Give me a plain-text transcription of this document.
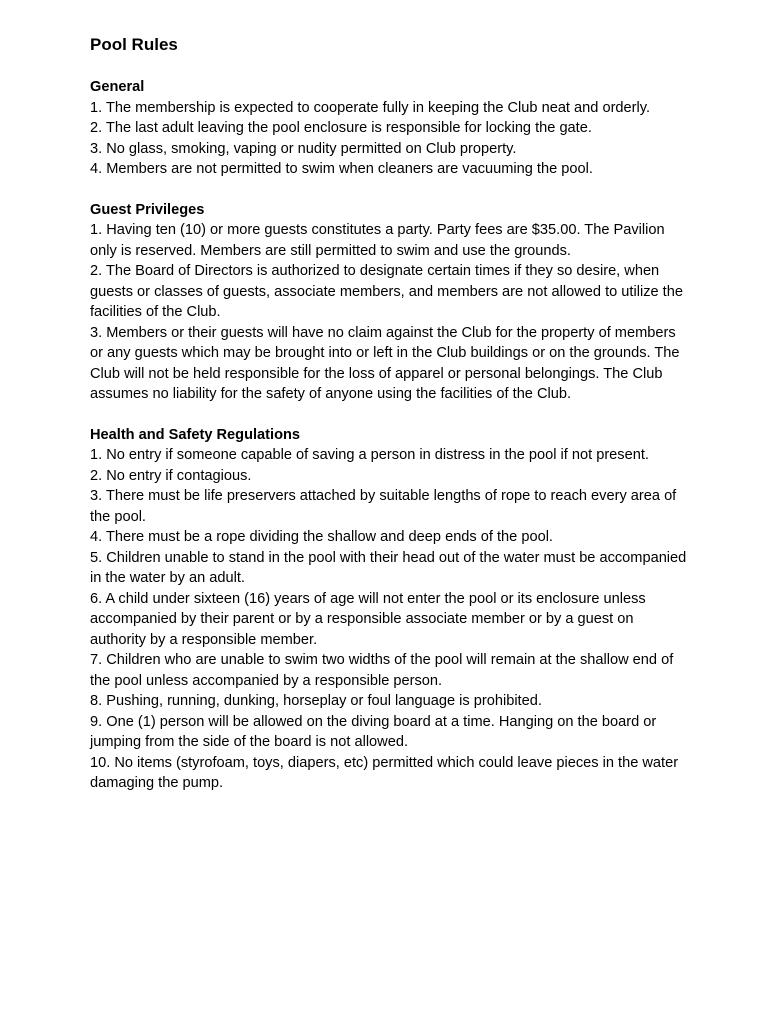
Pool Rules
General
1. The membership is expected to cooperate fully in keeping the Club neat and orderly.
2. The last adult leaving the pool enclosure is responsible for locking the gate.
3. No glass, smoking, vaping or nudity permitted on Club property.
4. Members are not permitted to swim when cleaners are vacuuming the pool.
Guest Privileges
1. Having ten (10) or more guests constitutes a party. Party fees are $35.00. The Pavilion only is reserved. Members are still permitted to swim and use the grounds.
2. The Board of Directors is authorized to designate certain times if they so desire, when guests or classes of guests, associate members, and members are not allowed to utilize the facilities of the Club.
3. Members or their guests will have no claim against the Club for the property of members or any guests which may be brought into or left in the Club buildings or on the grounds. The Club will not be held responsible for the loss of apparel or personal belongings. The Club assumes no liability for the safety of anyone using the facilities of the Club.
Health and Safety Regulations
1. No entry if someone capable of saving a person in distress in the pool if not present.
2. No entry if contagious.
3. There must be life preservers attached by suitable lengths of rope to reach every area of the pool.
4. There must be a rope dividing the shallow and deep ends of the pool.
5. Children unable to stand in the pool with their head out of the water must be accompanied in the water by an adult.
6. A child under sixteen (16) years of age will not enter the pool or its enclosure unless accompanied by their parent or by a responsible associate member or by a guest on authority by a responsible member.
7. Children who are unable to swim two widths of the pool will remain at the shallow end of the pool unless accompanied by a responsible person.
8. Pushing, running, dunking, horseplay or foul language is prohibited.
9. One (1) person will be allowed on the diving board at a time. Hanging on the board or jumping from the side of the board is not allowed.
10. No items (styrofoam, toys, diapers, etc) permitted which could leave pieces in the water damaging the pump.
